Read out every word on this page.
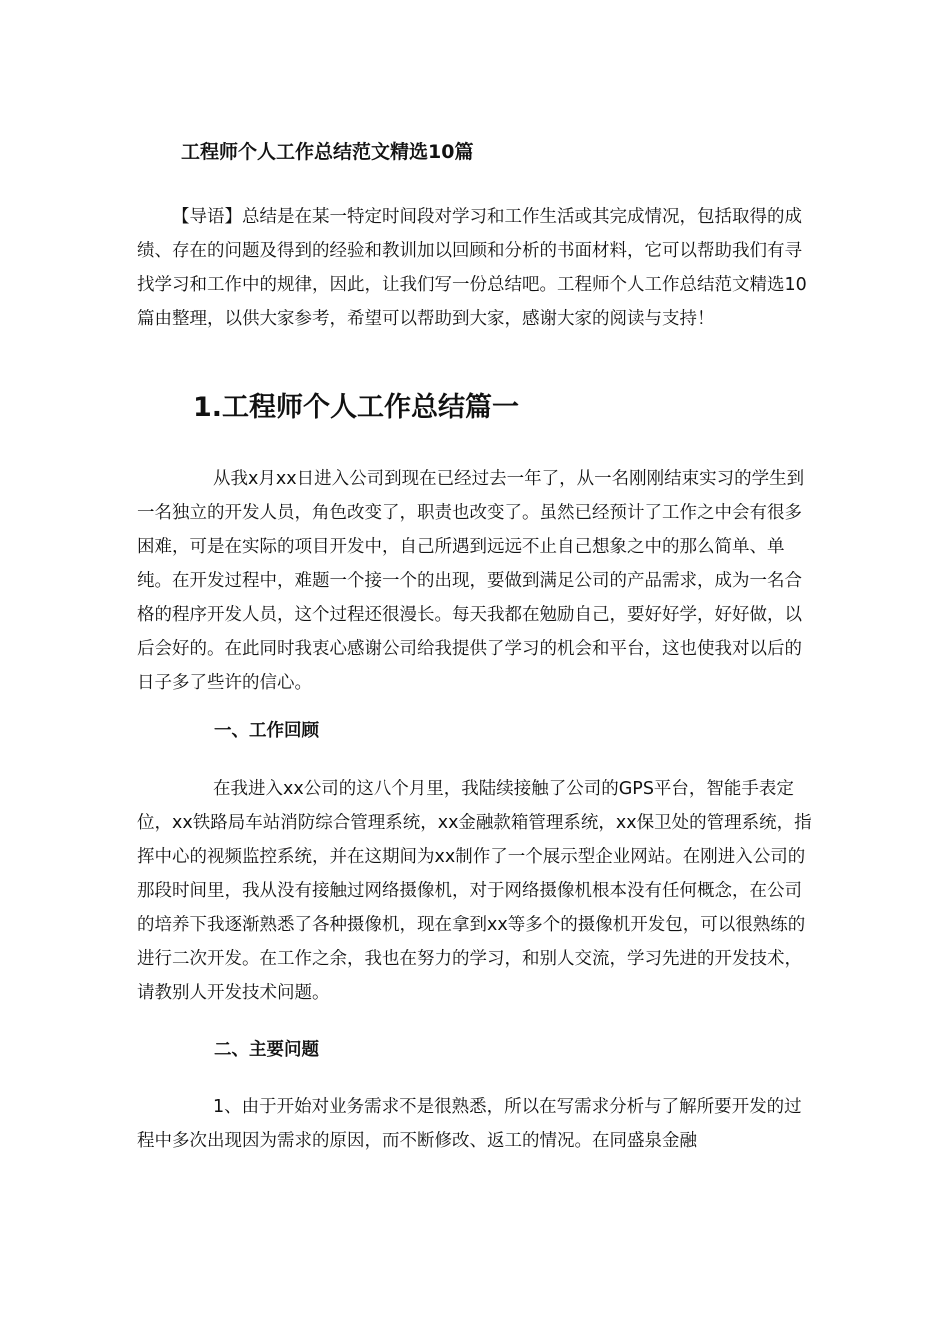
工程师个人工作总结范文精选10篇

【导语】总结是在某一特定时间段对学习和工作生活或其完成情况，包括取得的成绩、存在的问题及得到的经验和教训加以回顾和分析的书面材料，它可以帮助我们有寻找学习和工作中的规律，因此，让我们写一份总结吧。工程师个人工作总结范文精选10篇由整理，以供大家参考，希望可以帮助到大家，感谢大家的阅读与支持！

1.工程师个人工作总结篇一

从我x月xx日进入公司到现在已经过去一年了，从一名刚刚结束实习的学生到一名独立的开发人员，角色改变了，职责也改变了。虽然已经预计了工作之中会有很多困难，可是在实际的项目开发中，自己所遇到远远不止自己想象之中的那么简单、单纯。在开发过程中，难题一个接一个的出现，要做到满足公司的产品需求，成为一名合格的程序开发人员，这个过程还很漫长。每天我都在勉励自己，要好好学，好好做，以后会好的。在此同时我衷心感谢公司给我提供了学习的机会和平台，这也使我对以后的日子多了些许的信心。

一、工作回顾

在我进入xx公司的这八个月里，我陆续接触了公司的GPS平台，智能手表定位，xx铁路局车站消防综合管理系统，xx金融款箱管理系统，xx保卫处的管理系统，指挥中心的视频监控系统，并在这期间为xx制作了一个展示型企业网站。在刚进入公司的那段时间里，我从没有接触过网络摄像机，对于网络摄像机根本没有任何概念，在公司的培养下我逐渐熟悉了各种摄像机，现在拿到xx等多个的摄像机开发包，可以很熟练的进行二次开发。在工作之余，我也在努力的学习，和别人交流，学习先进的开发技术，请教别人开发技术问题。

二、主要问题

1、由于开始对业务需求不是很熟悉，所以在写需求分析与了解所要开发的过程中多次出现因为需求的原因，而不断修改、返工的情况。在同盛泉金融
